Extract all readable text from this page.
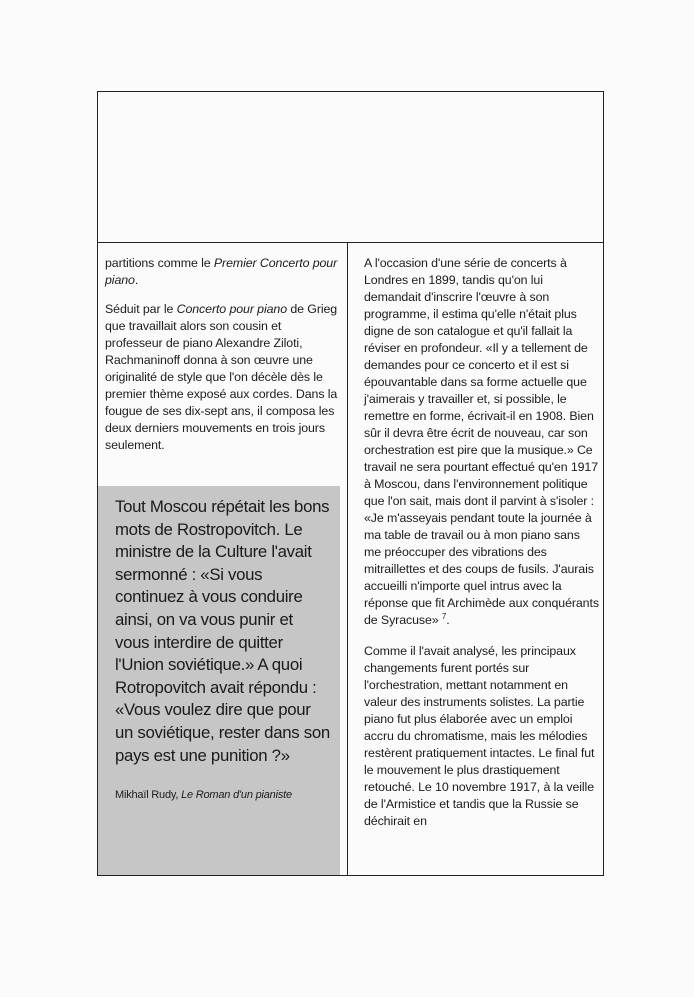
partitions comme le Premier Concerto pour piano.

Séduit par le Concerto pour piano de Grieg que travaillait alors son cousin et professeur de piano Alexandre Ziloti, Rachmaninoff donna à son œuvre une originalité de style que l'on décèle dès le premier thème exposé aux cordes. Dans la fougue de ses dix-sept ans, il composa les deux derniers mouvements en trois jours seulement.

Tout Moscou répétait les bons mots de Rostropovitch. Le ministre de la Culture l'avait sermonné : «Si vous continuez à vous conduire ainsi, on va vous punir et vous interdire de quitter l'Union soviétique.» A quoi Rotropovitch avait répondu : «Vous voulez dire que pour un soviétique, rester dans son pays est une punition ?»

Mikhaïl Rudy, Le Roman d'un pianiste

A l'occasion d'une série de concerts à Londres en 1899, tandis qu'on lui demandait d'inscrire l'œuvre à son programme, il estima qu'elle n'était plus digne de son catalogue et qu'il fallait la réviser en profondeur. «Il y a tellement de demandes pour ce concerto et il est si épouvantable dans sa forme actuelle que j'aimerais y travailler et, si possible, le remettre en forme, écrivait-il en 1908. Bien sûr il devra être écrit de nouveau, car son orchestration est pire que la musique.» Ce travail ne sera pourtant effectué qu'en 1917 à Moscou, dans l'environnement politique que l'on sait, mais dont il parvint à s'isoler : «Je m'asseyais pendant toute la journée à ma table de travail ou à mon piano sans me préoccuper des vibrations des mitraillettes et des coups de fusils. J'aurais accueilli n'importe quel intrus avec la réponse que fit Archimède aux conquérants de Syracuse» $^7$.

Comme il l'avait analysé, les principaux changements furent portés sur l'orchestration, mettant notamment en valeur des instruments solistes. La partie piano fut plus élaborée avec un emploi accru du chromatisme, mais les mélodies restèrent pratiquement intactes. Le final fut le mouvement le plus drastiquement retouché. Le 10 novembre 1917, à la veille de l'Armistice et tandis que la Russie se déchirait en
